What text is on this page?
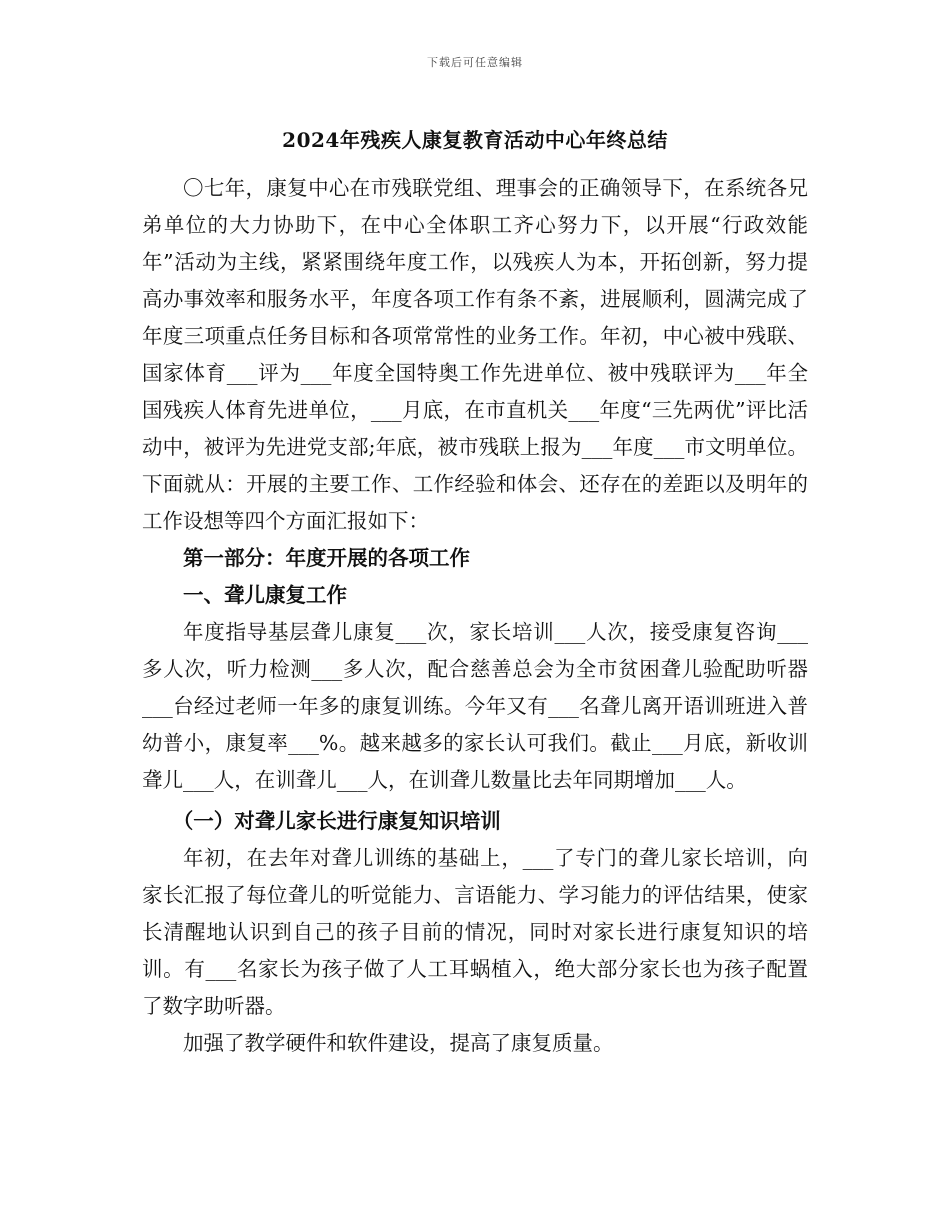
下载后可任意编辑
2024年残疾人康复教育活动中心年终总结

〇七年，康复中心在市残联党组、理事会的正确领导下，在系统各兄弟单位的大力协助下，在中心全体职工齐心努力下，以开展“行政效能年”活动为主线，紧紧围绕年度工作，以残疾人为本，开拓创新，努力提高办事效率和服务水平，年度各项工作有条不紊，进展顺利，圆满完成了年度三项重点任务目标和各项常常性的业务工作。年初，中心被中残联、国家体育___评为___年度全国特奥工作先进单位、被中残联评为___年全国残疾人体育先进单位，___月底，在市直机关___年度“三先两优”评比活动中，被评为先进党支部;年底，被市残联上报为___年度___市文明单位。下面就从：开展的主要工作、工作经验和体会、还存在的差距以及明年的工作设想等四个方面汇报如下：

第一部分：年度开展的各项工作

一、聋儿康复工作

年度指导基层聋儿康复___次，家长培训___人次，接受康复咨询___多人次，听力检测___多人次，配合慈善总会为全市贫困聋儿验配助听器___台经过老师一年多的康复训练。今年又有___名聋儿离开语训班进入普幼普小，康复率___%。越来越多的家长认可我们。截止___月底，新收训聋儿___人，在训聋儿___人，在训聋儿数量比去年同期增加___人。

（一）对聋儿家长进行康复知识培训

年初，在去年对聋儿训练的基础上，___了专门的聋儿家长培训，向家长汇报了每位聋儿的听觉能力、言语能力、学习能力的评估结果，使家长清醒地认识到自己的孩子目前的情况，同时对家长进行康复知识的培训。有___名家长为孩子做了人工耳蜗植入，绝大部分家长也为孩子配置了数字助听器。

加强了教学硬件和软件建设，提高了康复质量。
